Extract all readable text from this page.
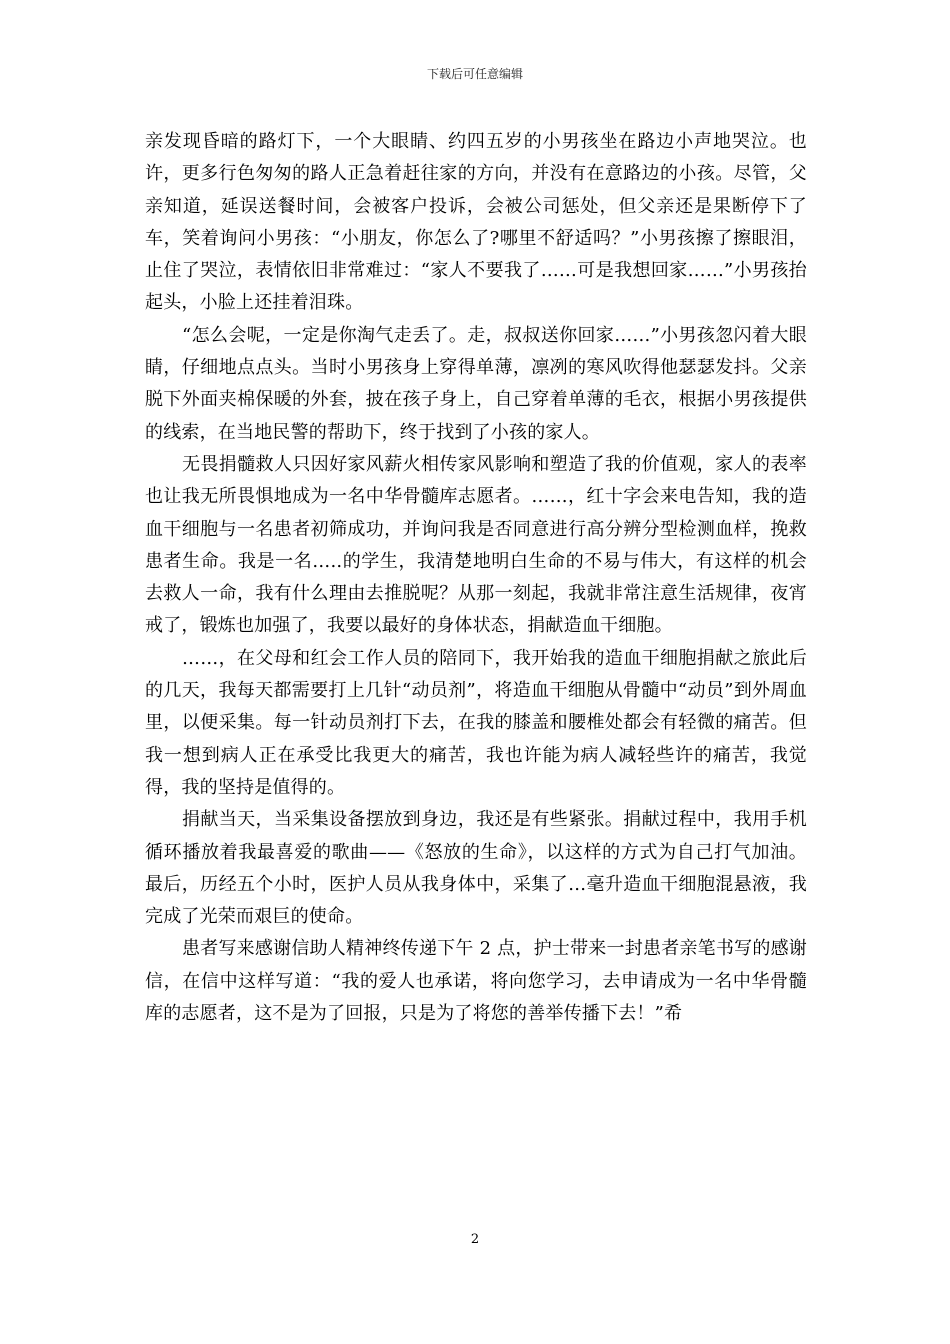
下载后可任意编辑

亲发现昏暗的路灯下，一个大眼睛、约四五岁的小男孩坐在路边小声地哭泣。也许，更多行色匆匆的路人正急着赶往家的方向，并没有在意路边的小孩。尽管，父亲知道，延误送餐时间，会被客户投诉，会被公司惩处，但父亲还是果断停下了车，笑着询问小男孩：“小朋友，你怎么了?哪里不舒适吗？”小男孩擦了擦眼泪，止住了哭泣，表情依旧非常难过：“家人不要我了……可是我想回家……”小男孩抬起头，小脸上还挂着泪珠。

“怎么会呢，一定是你淘气走丢了。走，叔叔送你回家……”小男孩忽闪着大眼睛，仔细地点点头。当时小男孩身上穿得单薄，凛冽的寒风吹得他瑟瑟发抖。父亲脱下外面夹棉保暖的外套，披在孩子身上，自己穿着单薄的毛衣，根据小男孩提供的线索，在当地民警的帮助下，终于找到了小孩的家人。

无畏捐髓救人只因好家风薪火相传家风影响和塑造了我的价值观，家人的表率也让我无所畏惧地成为一名中华骨髓库志愿者。……，红十字会来电告知，我的造血干细胞与一名患者初筛成功，并询问我是否同意进行高分辨分型检测血样，挽救患者生命。我是一名…..的学生，我清楚地明白生命的不易与伟大，有这样的机会去救人一命，我有什么理由去推脱呢？从那一刻起，我就非常注意生活规律，夜宵戒了，锻炼也加强了，我要以最好的身体状态，捐献造血干细胞。

……，在父母和红会工作人员的陪同下，我开始我的造血干细胞捐献之旅此后的几天，我每天都需要打上几针“动员剂”，将造血干细胞从骨髓中“动员”到外周血里，以便采集。每一针动员剂打下去，在我的膝盖和腰椎处都会有轻微的痛苦。但我一想到病人正在承受比我更大的痛苦，我也许能为病人减轻些许的痛苦，我觉得，我的坚持是值得的。

捐献当天，当采集设备摆放到身边，我还是有些紧张。捐献过程中，我用手机循环播放着我最喜爱的歌曲——《怒放的生命》，以这样的方式为自己打气加油。最后，历经五个小时，医护人员从我身体中，采集了…毫升造血干细胞混悬液，我完成了光荣而艰巨的使命。

患者写来感谢信助人精神终传递下午 2 点，护士带来一封患者亲笔书写的感谢信，在信中这样写道：“我的爱人也承诺，将向您学习，去申请成为一名中华骨髓库的志愿者，这不是为了回报，只是为了将您的善举传播下去！”希

2
